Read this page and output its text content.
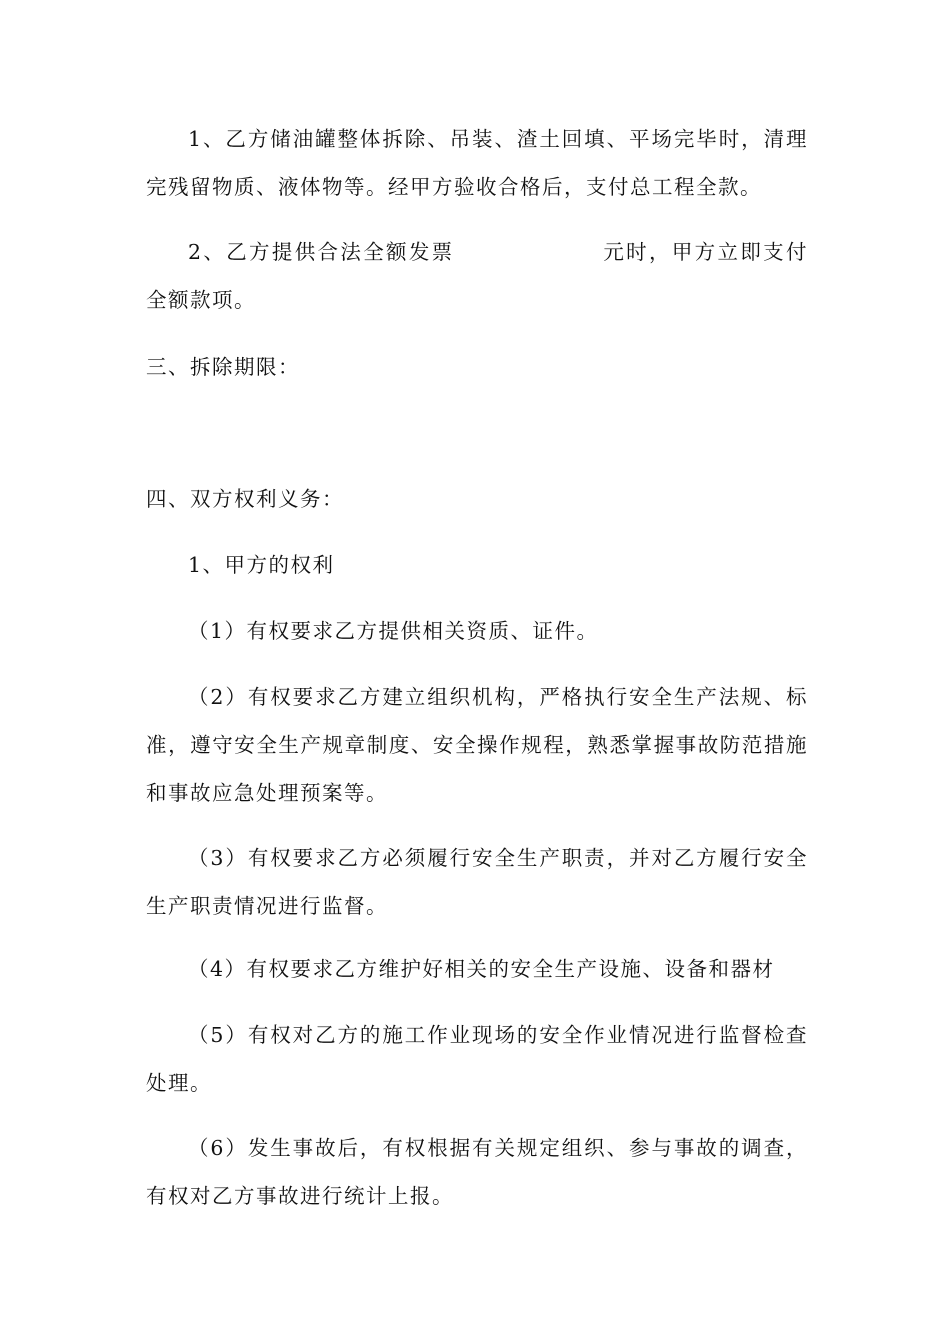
1、乙方储油罐整体拆除、吊装、渣土回填、平场完毕时，清理完残留物质、液体物等。经甲方验收合格后，支付总工程全款。

2、乙方提供合法全额发票	元时，甲方立即支付全额款项。

三、拆除期限：

四、双方权利义务：

1、甲方的权利

（1）有权要求乙方提供相关资质、证件。

（2）有权要求乙方建立组织机构，严格执行安全生产法规、标准，遵守安全生产规章制度、安全操作规程，熟悉掌握事故防范措施和事故应急处理预案等。

（3）有权要求乙方必须履行安全生产职责，并对乙方履行安全生产职责情况进行监督。

（4）有权要求乙方维护好相关的安全生产设施、设备和器材

（5）有权对乙方的施工作业现场的安全作业情况进行监督检查处理。

（6）发生事故后，有权根据有关规定组织、参与事故的调查，有权对乙方事故进行统计上报。
